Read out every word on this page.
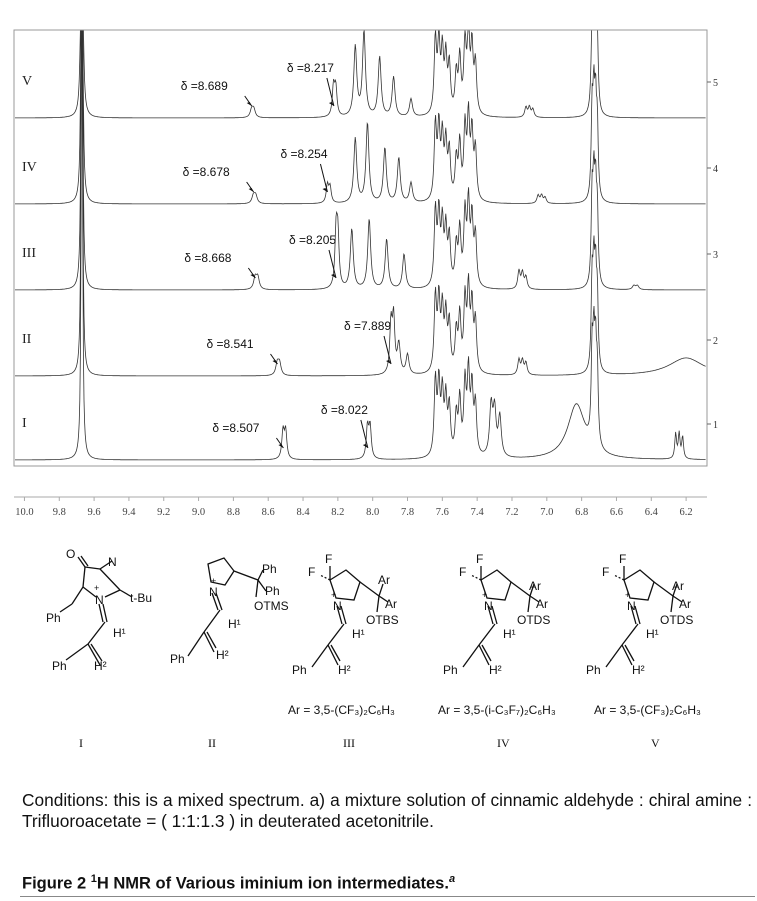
5
V
4
IV
3
III
2
II
1
I
10.0 9.8 9.6 9.4 9.2 9.0 8.8 8.6 8.4 8.2 8.0 7.8 7.6 7.4 7.2 7.0 6.8 6.6 6.4 6.2
δ =8.689
δ =8.217
δ =8.678
δ =8.254
δ =8.668
δ =8.205
δ =8.541
δ =7.889
δ =8.507
δ =8.022
O
N
+
t-Bu
N
Ph
H¹
Ph H²
+
N
Ph
Ph
OTMS
H¹
Ph	H²
F
F
+
N
Ar
Ar
OTBS
H¹
Ph	H²
F
F
+
N
Ar
Ar
OTDS
H¹
Ph	H²
F
F
+
N
Ar
Ar
OTDS
H¹
Ph	H²
Ar = 3,5-(CF₃)₂C₆H₃	Ar = 3,5-(i-C₃F₇)₂C₆H₃	Ar = 3,5-(CF₃)₂C₆H₃
I	II	III	IV	V
Conditions: this is a mixed spectrum. a) a mixture solution of cinnamic aldehyde : chiral amine : Trifluoroacetate = ( 1:1:1.3 ) in deuterated acetonitrile.
Figure 2 $^1$H NMR of Various iminium ion intermediates.$^a$
